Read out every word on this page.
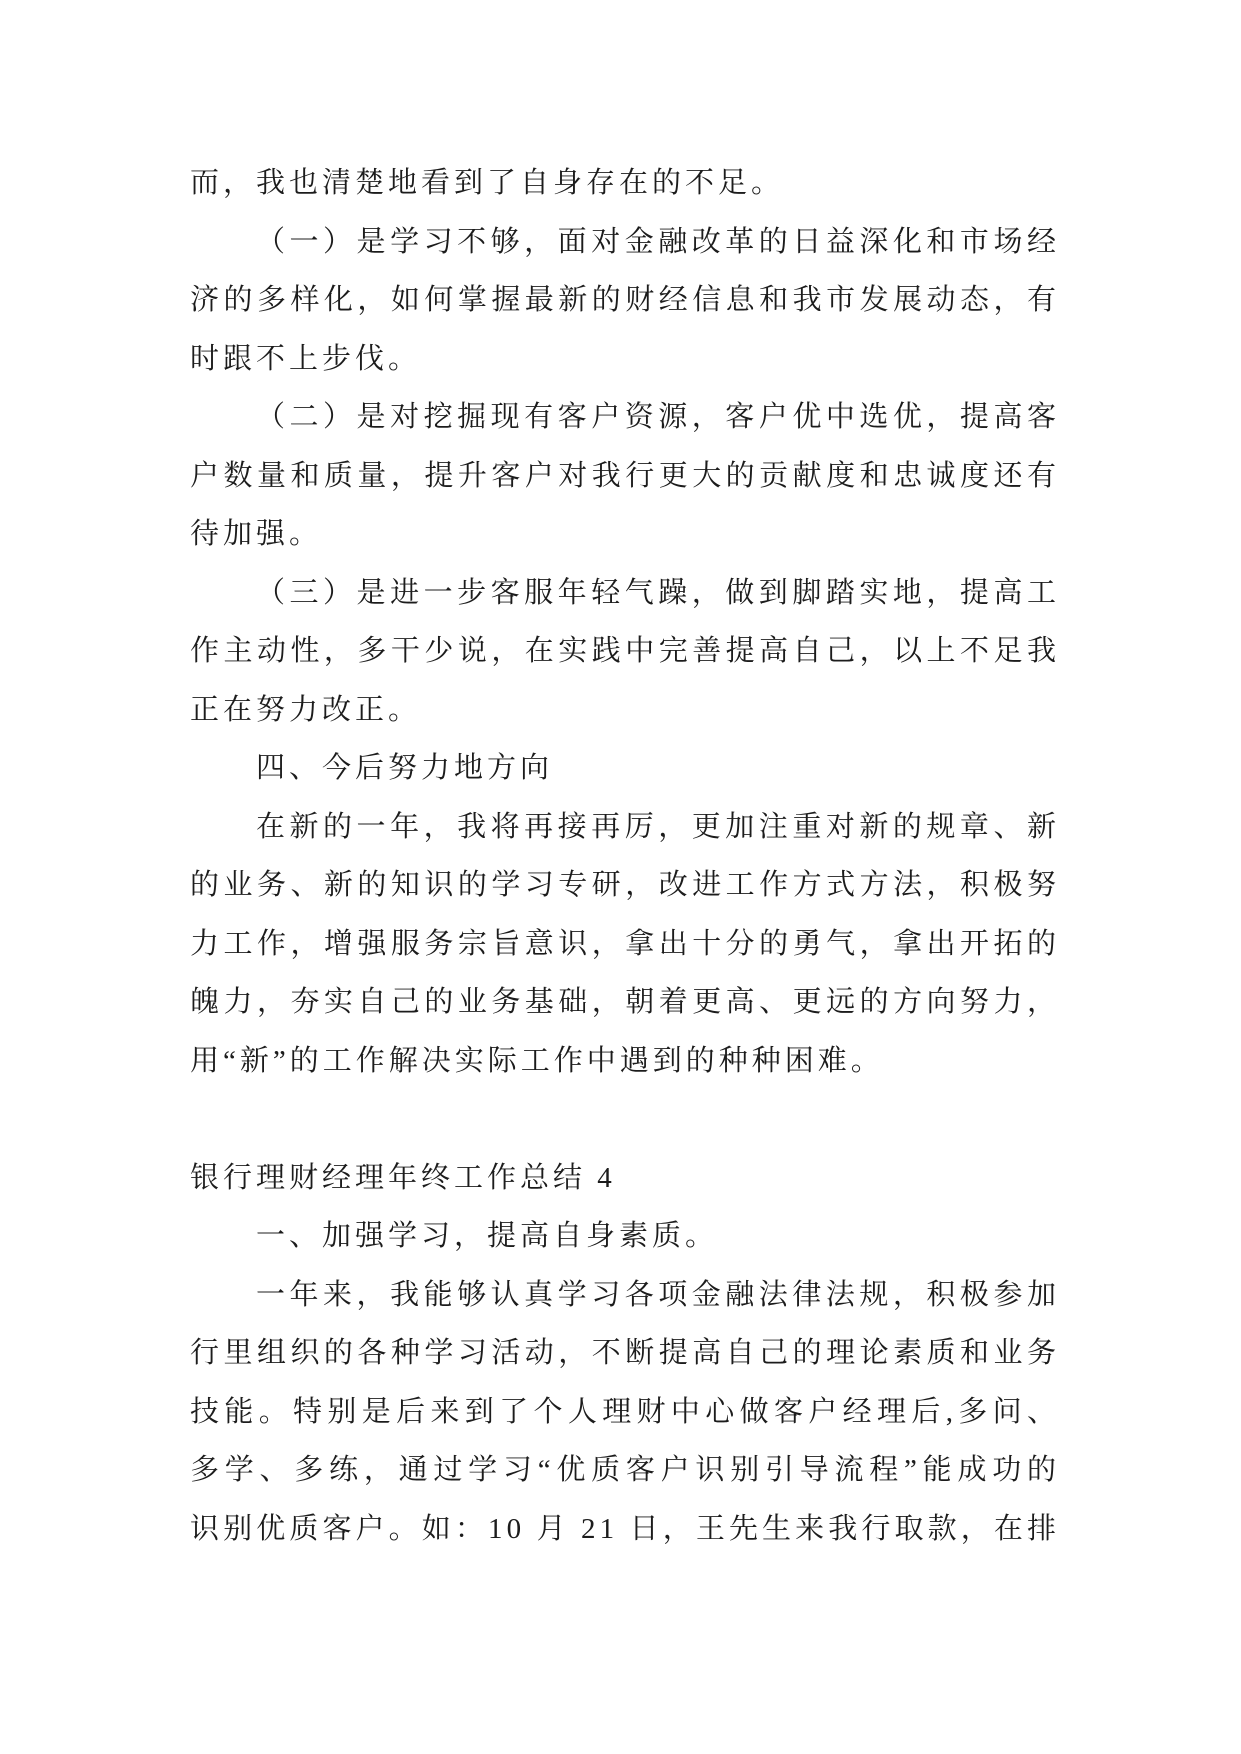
而，我也清楚地看到了自身存在的不足。
（一）是学习不够，面对金融改革的日益深化和市场经
济的多样化，如何掌握最新的财经信息和我市发展动态，有
时跟不上步伐。
（二）是对挖掘现有客户资源，客户优中选优，提高客
户数量和质量，提升客户对我行更大的贡献度和忠诚度还有
待加强。
（三）是进一步客服年轻气躁，做到脚踏实地，提高工
作主动性，多干少说，在实践中完善提高自己，以上不足我
正在努力改正。
四、今后努力地方向
在新的一年，我将再接再厉，更加注重对新的规章、新
的业务、新的知识的学习专研，改进工作方式方法，积极努
力工作，增强服务宗旨意识，拿出十分的勇气，拿出开拓的
魄力，夯实自己的业务基础，朝着更高、更远的方向努力，
用“新”的工作解决实际工作中遇到的种种困难。
银行理财经理年终工作总结 4
一、加强学习，提高自身素质。
一年来，我能够认真学习各项金融法律法规，积极参加
行里组织的各种学习活动，不断提高自己的理论素质和业务
技能。特别是后来到了个人理财中心做客户经理后,多问、
多学、多练，通过学习“优质客户识别引导流程”能成功的
识别优质客户。如：10 月 21 日，王先生来我行取款，在排
